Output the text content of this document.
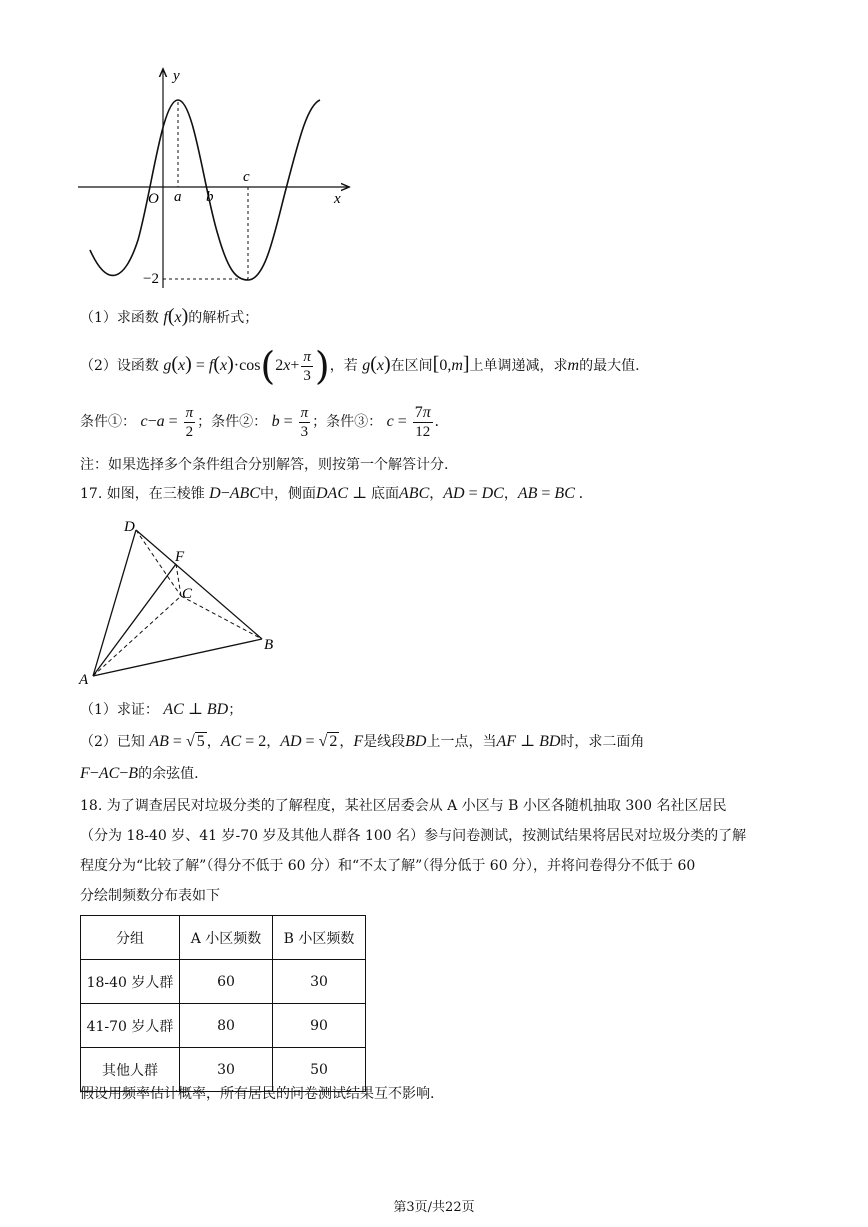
y
x
O a b
c
−2
（1）求函数 f(x)的解析式；
（2）设函数 $g(x) = f(x)\cdot\cos(2x+ \frac{\pi}{3}$ )，若 g(x)在区间[0,m]上单调递减，求m的最大值.
条件①： $c-a = \frac{\pi}{2}$ ；条件②： $b = \frac{\pi}{3}$ ；条件③： $c = \frac{7\pi}{12}$ .
注：如果选择多个条件组合分别解答，则按第一个解答计分.
17. 如图，在三棱锥 D−ABC中，侧面DAC ⊥ 底面ABC，AD = DC，AB = BC .
D
F
C
B
A
（1）求证： AC ⊥ BD；
（2）已知 AB = √ 5 ，AC = 2，AD = √ 2 ，F是线段BD上一点，当AF ⊥ BD时，求二面角
F−AC−B的余弦值.
18. 为了调查居民对垃圾分类的了解程度，某社区居委会从 A 小区与 B 小区各随机抽取 300 名社区居民
（分为 18-40 岁、41 岁-70 岁及其他人群各 100 名）参与问卷测试，按测试结果将居民对垃圾分类的了解
程度分为“比较了解”（得分不低于 60 分）和“不太了解”（得分低于 60 分），并将问卷得分不低于 60
分绘制频数分布表如下
分组	A 小区频数	B 小区频数
18-40 岁人群	60	30
41-70 岁人群	80	90
其他人群	30	50
假设用频率估计概率，所有居民的问卷测试结果互不影响.
第3页/共22页
